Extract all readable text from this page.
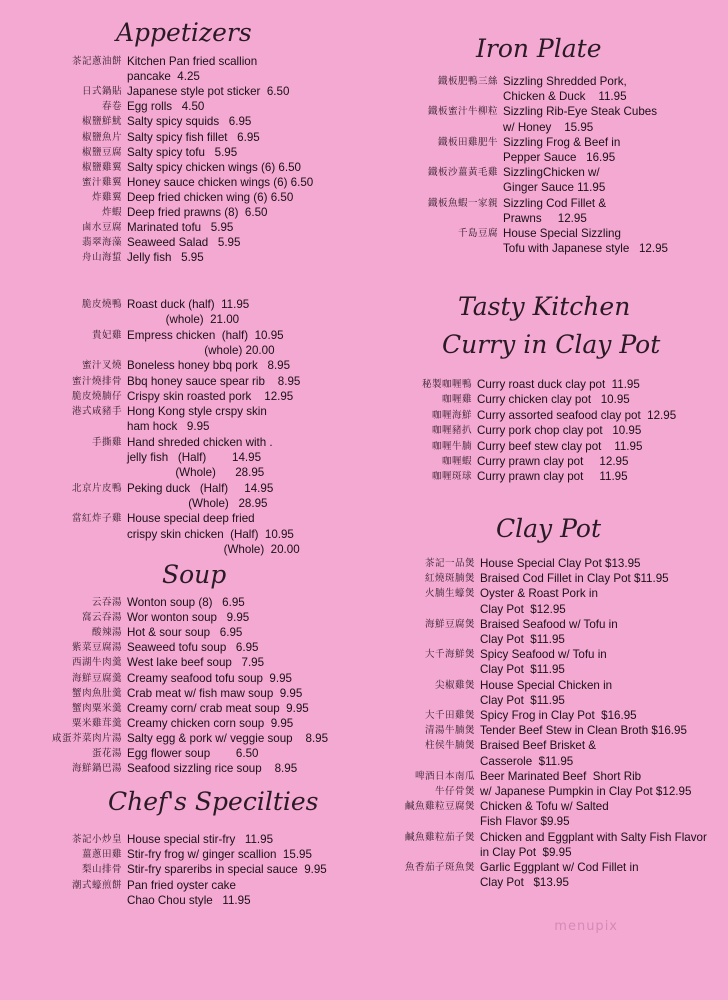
Appetizers
茶記蔥油餅 Kitchen Pan fried scallion
pancake  4.25
日式鍋貼 Japanese style pot sticker  6.50
春卷 Egg rolls   4.50
椒鹽鮮魷 Salty spicy squids   6.95
椒鹽魚片 Salty spicy fish fillet   6.95
椒鹽豆腐 Salty spicy tofu   5.95
椒鹽雞翼 Salty spicy chicken wings (6) 6.50
蜜汁雞翼 Honey sauce chicken wings (6) 6.50
炸雞翼 Deep fried chicken wing (6) 6.50
炸蝦 Deep fried prawns (8)  6.50
鹵水豆腐 Marinated tofu   5.95
翡翠海藻 Seaweed Salad   5.95
舟山海蜇 Jelly fish   5.95
脆皮燒鴨 Roast duck (half)  11.95
(whole)  21.00
貴妃雞 Empress chicken  (half)  10.95
(whole) 20.00
蜜汁叉燒 Boneless honey bbq pork   8.95
蜜汁燒排骨 Bbq honey sauce spear rib    8.95
脆皮燒腩仔 Crispy skin roasted pork    12.95
港式咸豬手 Hong Kong style crspy skin
ham hock   9.95
手撕雞 Hand shreded chicken with .
jelly fish   (Half)        14.95
(Whole)      28.95
北京片皮鴨 Peking duck   (Half)     14.95
(Whole)   28.95
當紅炸子雞 House special deep fried
crispy skin chicken  (Half)  10.95
(Whole)  20.00
Soup
云吞湯 Wonton soup (8)   6.95
窩云吞湯 Wor wonton soup   9.95
酸辣湯 Hot & sour soup   6.95
紫菜豆腐湯 Seaweed tofu soup   6.95
西湖牛肉羹 West lake beef soup   7.95
海鮮豆腐羹 Creamy seafood tofu soup  9.95
蟹肉魚肚羹 Crab meat w/ fish maw soup  9.95
蟹肉粟米羹 Creamy corn/ crab meat soup  9.95
粟米雞茸羹 Creamy chicken corn soup  9.95
咸蛋芥菜肉片湯 Salty egg & pork w/ veggie soup    8.95
蛋花湯 Egg flower soup        6.50
海鮮鍋巴湯 Seafood sizzling rice soup    8.95
Chef's Specilties
茶記小炒皇 House special stir-fry   11.95
薑蔥田雞 Stir-fry frog w/ ginger scallion  15.95
梨山排骨 Stir-fry spareribs in special sauce  9.95
潮式蠔煎餅 Pan fried oyster cake
Chao Chou style   11.95
Iron Plate
鐵板肥鴨三絲 Sizzling Shredded Pork,
Chicken & Duck    11.95
鐵板蜜汁牛柳粒 Sizzling Rib-Eye Steak Cubes
w/ Honey    15.95
鐵板田雞肥牛 Sizzling Frog & Beef in
Pepper Sauce   16.95
鐵板沙薑黃毛雞 SizzlingChicken w/
Ginger Sauce 11.95
鐵板魚蝦一家親 Sizzling Cod Fillet &
Prawns     12.95
千島豆腐 House Special Sizzling
Tofu with Japanese style   12.95
Tasty Kitchen
Curry in Clay Pot
秘製咖喱鴨 Curry roast duck clay pot  11.95
咖喱雞 Curry chicken clay pot   10.95
咖喱海鮮 Curry assorted seafood clay pot  12.95
咖喱豬扒 Curry pork chop clay pot   10.95
咖喱牛腩 Curry beef stew clay pot    11.95
咖喱蝦 Curry prawn clay pot     12.95
咖喱斑球 Curry prawn clay pot     11.95
Clay Pot
茶記一品煲 House Special Clay Pot $13.95
紅燒斑腩煲 Braised Cod Fillet in Clay Pot $11.95
火腩生蠔煲 Oyster & Roast Pork in
Clay Pot  $12.95
海鮮豆腐煲 Braised Seafood w/ Tofu in
Clay Pot  $11.95
大千海鮮煲 Spicy Seafood w/ Tofu in
Clay Pot  $11.95
尖椒雞煲 House Special Chicken in
Clay Pot  $11.95
大千田雞煲 Spicy Frog in Clay Pot  $16.95
清湯牛腩煲 Tender Beef Stew in Clean Broth $16.95
柱侯牛腩煲 Braised Beef Brisket &
Casserole  $11.95
啤酒日本南瓜 Beer Marinated Beef  Short Rib
牛仔骨煲 w/ Japanese Pumpkin in Clay Pot $12.95
鹹魚雞粒豆腐煲 Chicken & Tofu w/ Salted
Fish Flavor $9.95
鹹魚雞粒茄子煲 Chicken and Eggplant with Salty Fish Flavor
in Clay Pot  $9.95
魚香茄子斑魚煲 Garlic Eggplant w/ Cod Fillet in
Clay Pot   $13.95
menupix
